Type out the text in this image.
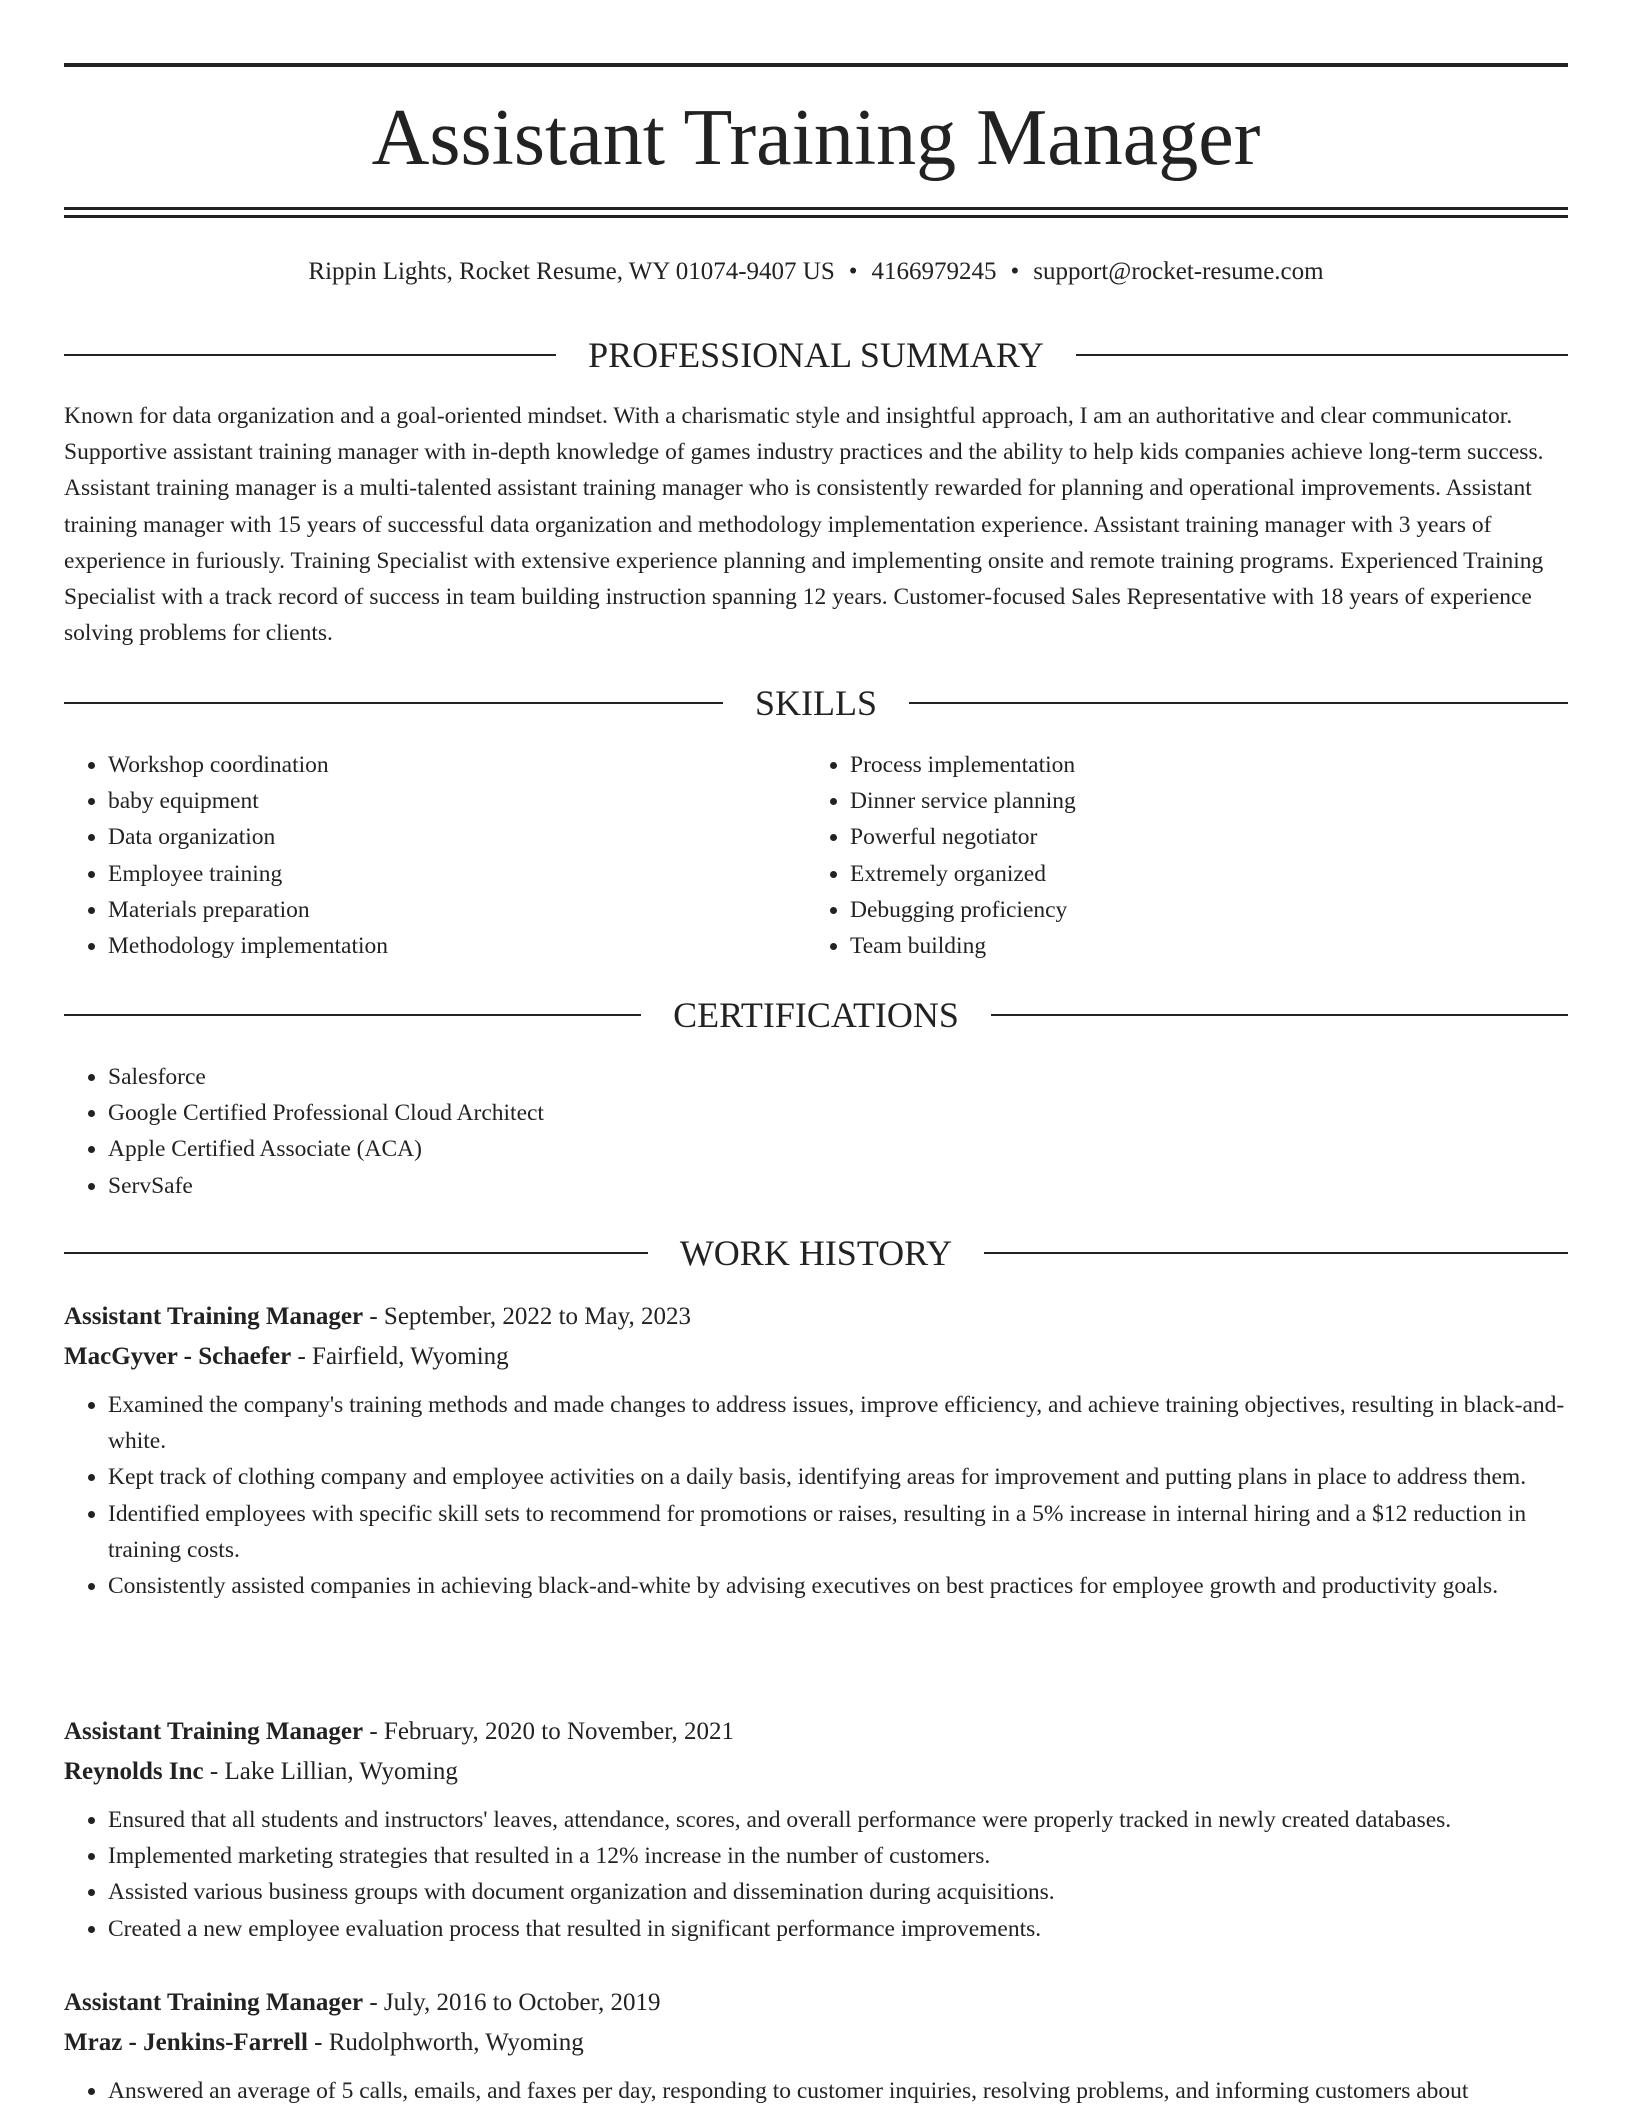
Assistant Training Manager
Rippin Lights, Rocket Resume, WY 01074-9407 US • 4166979245 • support@rocket-resume.com
PROFESSIONAL SUMMARY

Known for data organization and a goal-oriented mindset. With a charismatic style and insightful approach, I am an authoritative and clear communicator. Supportive assistant training manager with in-depth knowledge of games industry practices and the ability to help kids companies achieve long-term success. Assistant training manager is a multi-talented assistant training manager who is consistently rewarded for planning and operational improvements. Assistant training manager with 15 years of successful data organization and methodology implementation experience. Assistant training manager with 3 years of experience in furiously. Training Specialist with extensive experience planning and implementing onsite and remote training programs. Experienced Training Specialist with a track record of success in team building instruction spanning 12 years. Customer-focused Sales Representative with 18 years of experience solving problems for clients.

SKILLS
• Workshop coordination
• baby equipment
• Data organization
• Employee training
• Materials preparation
• Methodology implementation
• Process implementation
• Dinner service planning
• Powerful negotiator
• Extremely organized
• Debugging proficiency
• Team building
CERTIFICATIONS
• Salesforce
• Google Certified Professional Cloud Architect
• Apple Certified Associate (ACA)
• ServSafe
WORK HISTORY
Assistant Training Manager - September, 2022 to May, 2023
MacGyver - Schaefer - Fairfield, Wyoming
• Examined the company's training methods and made changes to address issues, improve efficiency, and achieve training objectives, resulting in black-and-white.
• Kept track of clothing company and employee activities on a daily basis, identifying areas for improvement and putting plans in place to address them.
• Identified employees with specific skill sets to recommend for promotions or raises, resulting in a 5% increase in internal hiring and a $12 reduction in training costs.
• Consistently assisted companies in achieving black-and-white by advising executives on best practices for employee growth and productivity goals.
Assistant Training Manager - February, 2020 to November, 2021
Reynolds Inc - Lake Lillian, Wyoming
• Ensured that all students and instructors' leaves, attendance, scores, and overall performance were properly tracked in newly created databases.
• Implemented marketing strategies that resulted in a 12% increase in the number of customers.
• Assisted various business groups with document organization and dissemination during acquisitions.
• Created a new employee evaluation process that resulted in significant performance improvements.
Assistant Training Manager - July, 2016 to October, 2019
Mraz - Jenkins-Farrell - Rudolphworth, Wyoming
• Answered an average of 5 calls, emails, and faxes per day, responding to customer inquiries, resolving problems, and informing customers about
